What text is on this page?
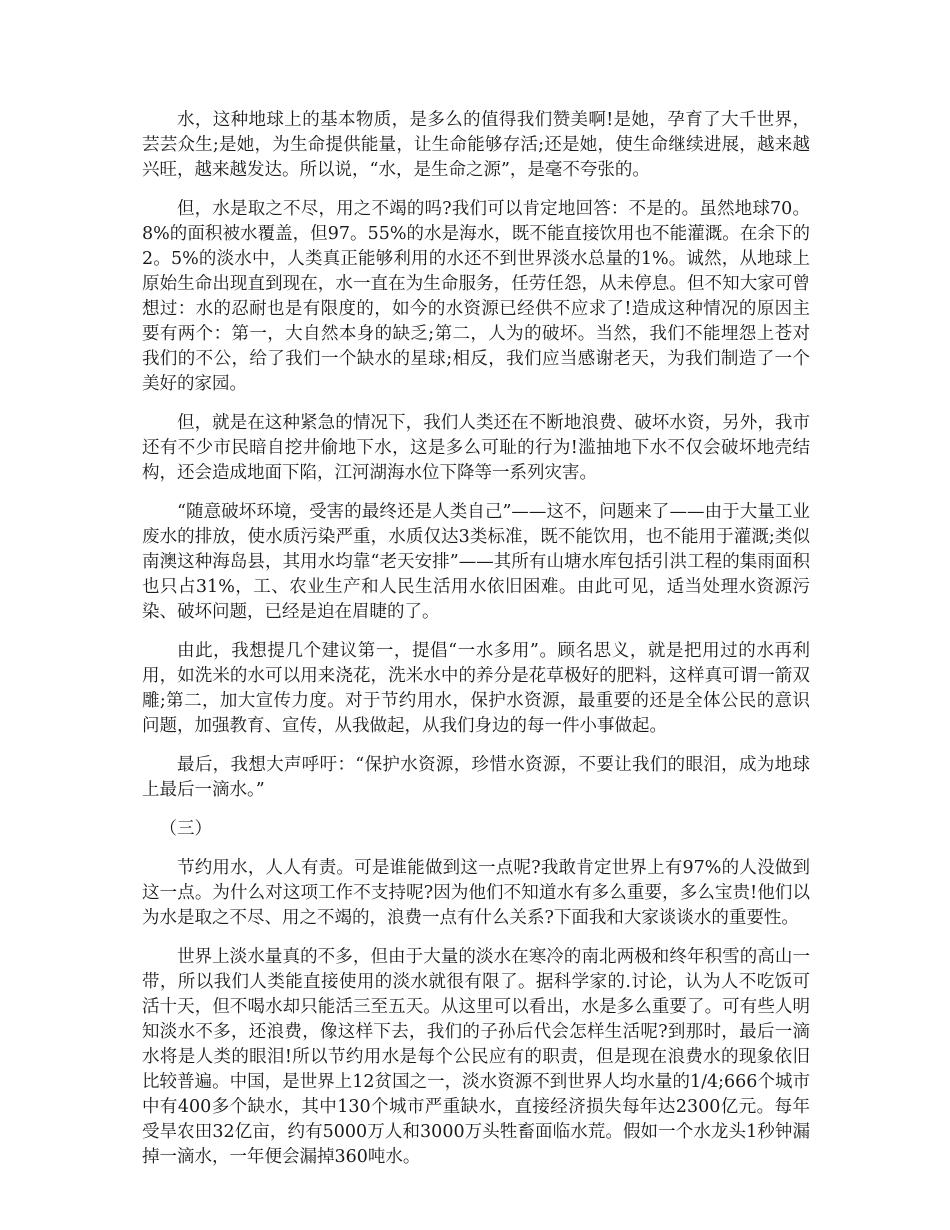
水，这种地球上的基本物质，是多么的值得我们赞美啊!是她，孕育了大千世界，芸芸众生;是她，为生命提供能量，让生命能够存活;还是她，使生命继续进展，越来越兴旺，越来越发达。所以说，“水，是生命之源”，是毫不夸张的。

但，水是取之不尽，用之不竭的吗?我们可以肯定地回答：不是的。虽然地球70。8%的面积被水覆盖，但97。55%的水是海水，既不能直接饮用也不能灌溉。在余下的2。5%的淡水中，人类真正能够利用的水还不到世界淡水总量的1%。诚然，从地球上原始生命出现直到现在，水一直在为生命服务，任劳任怨，从未停息。但不知大家可曾想过：水的忍耐也是有限度的，如今的水资源已经供不应求了!造成这种情况的原因主要有两个：第一，大自然本身的缺乏;第二，人为的破坏。当然，我们不能埋怨上苍对我们的不公，给了我们一个缺水的星球;相反，我们应当感谢老天，为我们制造了一个美好的家园。

但，就是在这种紧急的情况下，我们人类还在不断地浪费、破坏水资，另外，我市还有不少市民暗自挖井偷地下水，这是多么可耻的行为!滥抽地下水不仅会破坏地壳结构，还会造成地面下陷，江河湖海水位下降等一系列灾害。

“随意破坏环境，受害的最终还是人类自己”——这不，问题来了——由于大量工业废水的排放，使水质污染严重，水质仅达3类标准，既不能饮用，也不能用于灌溉;类似南澳这种海岛县，其用水均靠“老天安排”——其所有山塘水库包括引洪工程的集雨面积也只占31%，工、农业生产和人民生活用水依旧困难。由此可见，适当处理水资源污染、破坏问题，已经是迫在眉睫的了。

由此，我想提几个建议第一，提倡“一水多用”。顾名思义，就是把用过的水再利用，如洗米的水可以用来浇花，洗米水中的养分是花草极好的肥料，这样真可谓一箭双雕;第二，加大宣传力度。对于节约用水，保护水资源，最重要的还是全体公民的意识问题，加强教育、宣传，从我做起，从我们身边的每一件小事做起。

最后，我想大声呼吁：“保护水资源，珍惜水资源，不要让我们的眼泪，成为地球上最后一滴水。”

（三）

节约用水，人人有责。可是谁能做到这一点呢?我敢肯定世界上有97%的人没做到这一点。为什么对这项工作不支持呢?因为他们不知道水有多么重要，多么宝贵!他们以为水是取之不尽、用之不竭的，浪费一点有什么关系?下面我和大家谈谈水的重要性。

世界上淡水量真的不多，但由于大量的淡水在寒冷的南北两极和终年积雪的高山一带，所以我们人类能直接使用的淡水就很有限了。据科学家的.讨论，认为人不吃饭可活十天，但不喝水却只能活三至五天。从这里可以看出，水是多么重要了。可有些人明知淡水不多，还浪费，像这样下去，我们的子孙后代会怎样生活呢?到那时，最后一滴水将是人类的眼泪!所以节约用水是每个公民应有的职责，但是现在浪费水的现象依旧比较普遍。中国，是世界上12贫国之一，淡水资源不到世界人均水量的1/4;666个城市中有400多个缺水，其中130个城市严重缺水，直接经济损失每年达2300亿元。每年受旱农田32亿亩，约有5000万人和3000万头牲畜面临水荒。假如一个水龙头1秒钟漏掉一滴水，一年便会漏掉360吨水。
